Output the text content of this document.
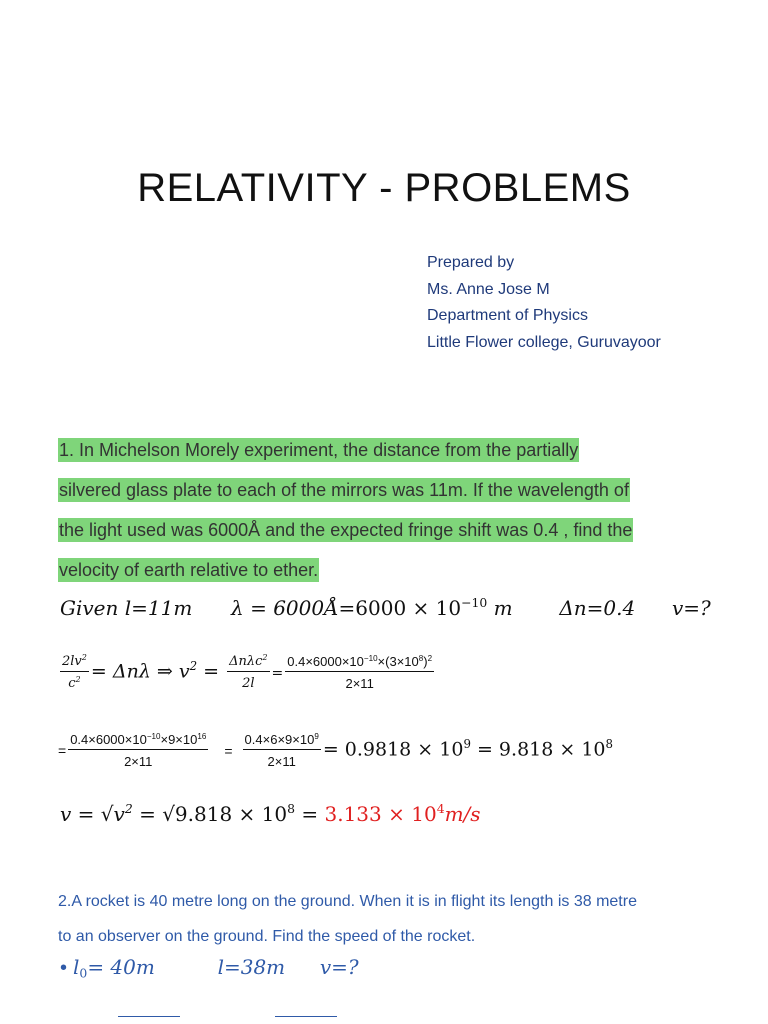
RELATIVITY - PROBLEMS
Prepared by
Ms. Anne Jose M
Department of Physics
Little Flower college, Guruvayoor
1. In Michelson Morely experiment, the distance from the partially
silvered glass plate to each of the mirrors was 11m. If the wavelength of
the light used was 6000Å and the expected fringe shift was 0.4 , find the
velocity of earth relative to ether.
Given l=11m λ = 6000Å=6000 × $10^{-10}$ m Δn=0.4 v=?
$\frac{2lv^2}{c^2} = \Delta n\lambda$ ⇒ $v^2 = \frac{\Delta n\lambda c^2}{2l} = \frac{0.4\times 6000\times 10^{-10}\times(3\times 10^8)^2}{2\times 11}$
= $\frac{0.4\times 6000\times 10^{-10}\times 9\times 10^{16}}{2\times 11} = \frac{0.4\times 6\times 9\times 10^9}{2\times 11} = 0.9818 \times 10^9 = 9.818 \times 10^8$
$v = √v^2 = √9.818 \times 10^8 = 3.133 \times 10^4m/s$
2.A rocket is 40 metre long on the ground. When it is in flight its length is 38 metre
to an observer on the ground. Find the speed of the rocket.
• $l_0= 40m$	l=38m v=?
